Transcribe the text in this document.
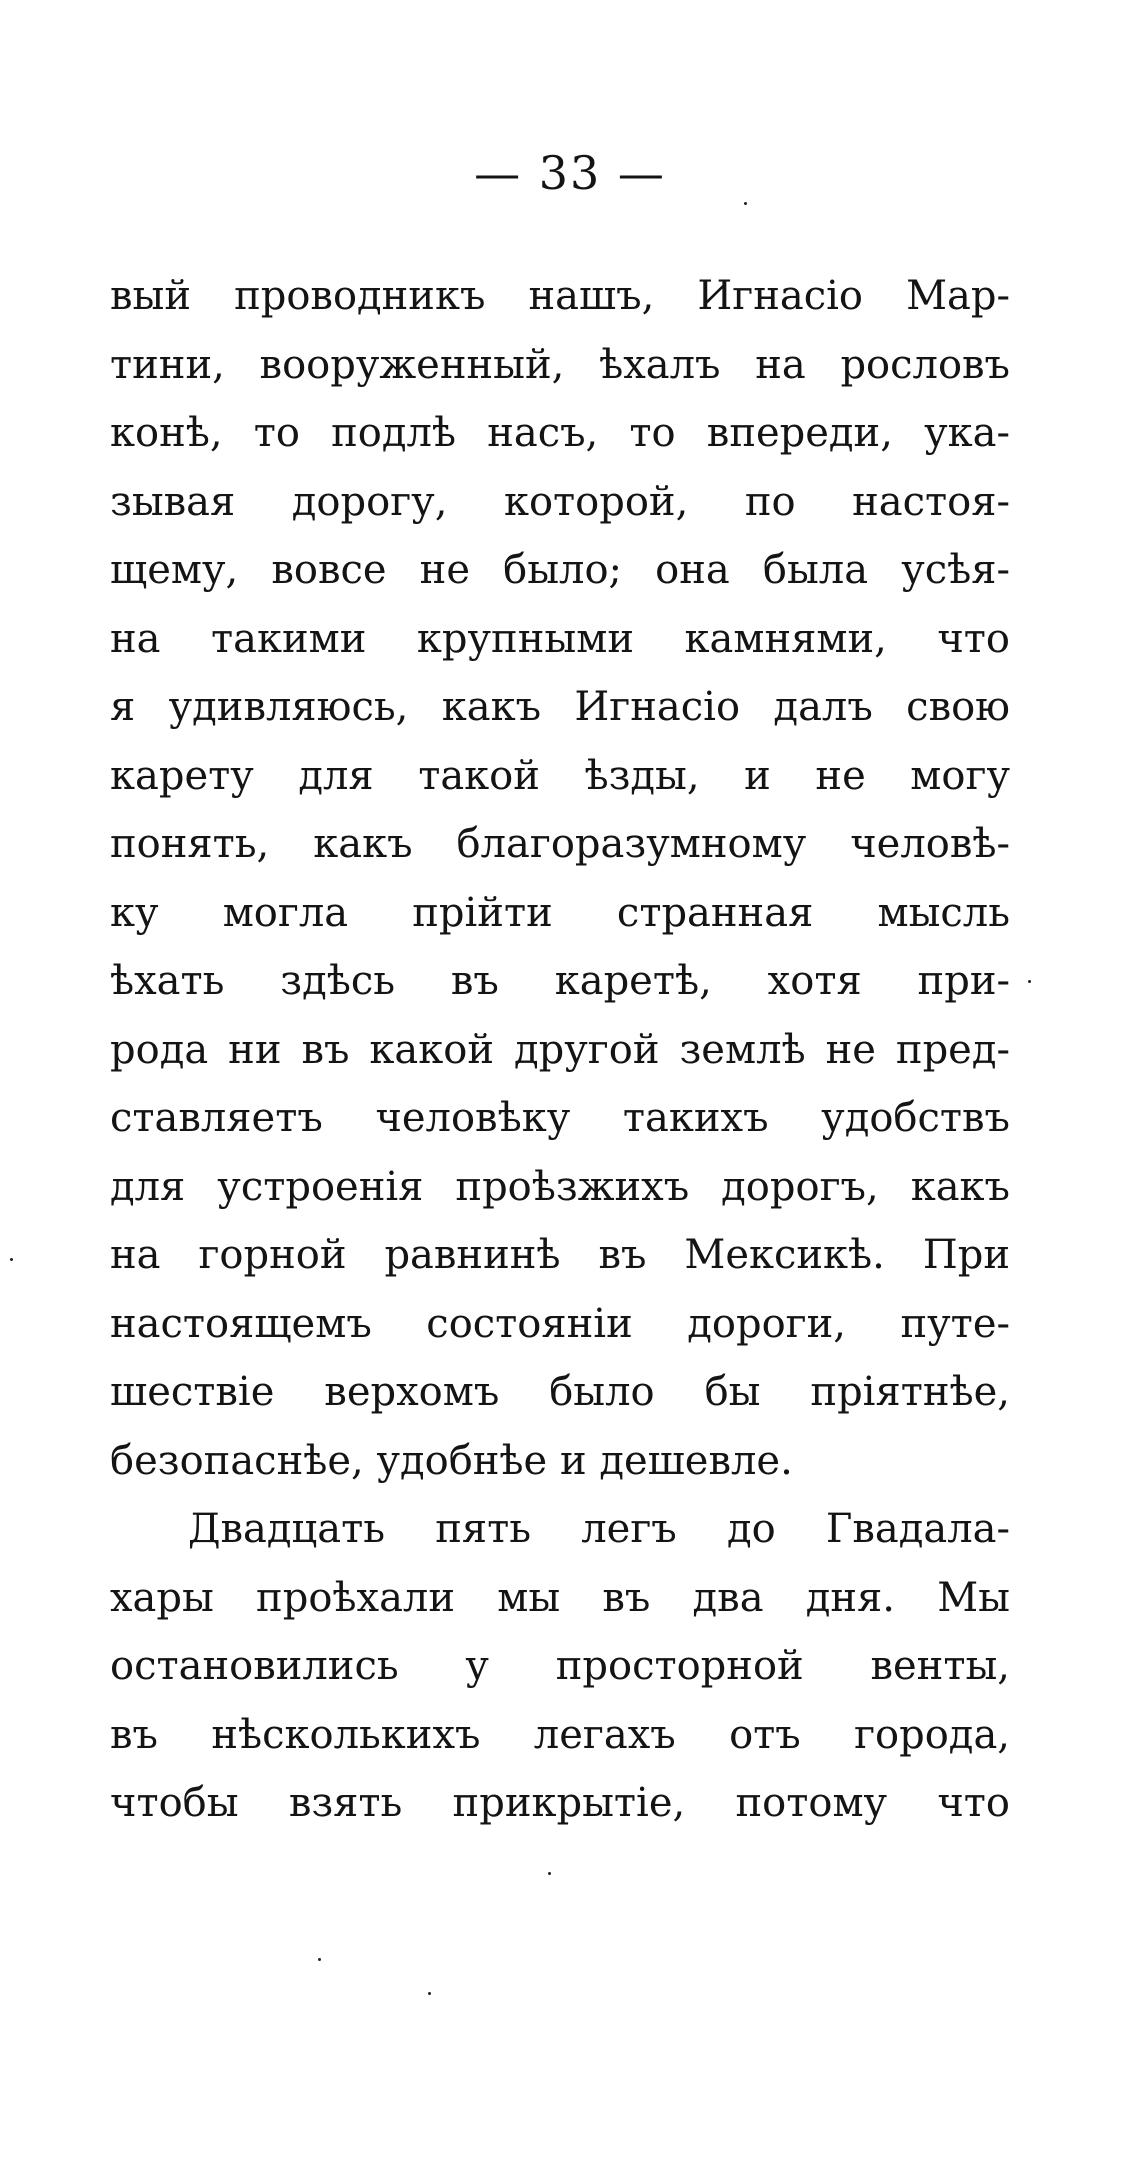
— 33 —
вый проводникъ нашъ, Игнасіо Мар-
тини, вооруженный, ѣхалъ на рословъ
конѣ, то подлѣ насъ, то впереди, ука-
зывая дорогу, которой, по настоя-
щему, вовсе не было; она была усѣя-
на такими крупными камнями, что
я удивляюсь, какъ Игнасіо далъ свою
карету для такой ѣзды, и не могу
понять, какъ благоразумному человѣ-
ку могла прійти странная мысль
ѣхать здѣсь въ каретѣ, хотя при-
рода ни въ какой другой землѣ не пред-
ставляетъ человѣку такихъ удобствъ
для устроенія проѣзжихъ дорогъ, какъ
на горной равнинѣ въ Мексикѣ. При
настоящемъ состояніи дороги, путе-
шествіе верхомъ было бы пріятнѣе,
безопаснѣе, удобнѣе и дешевле.
Двадцать пять легъ до Гвадала-
хары проѣхали мы въ два дня. Мы
остановились у просторной венты,
въ нѣсколькихъ легахъ отъ города,
чтобы взять прикрытіе, потому что
